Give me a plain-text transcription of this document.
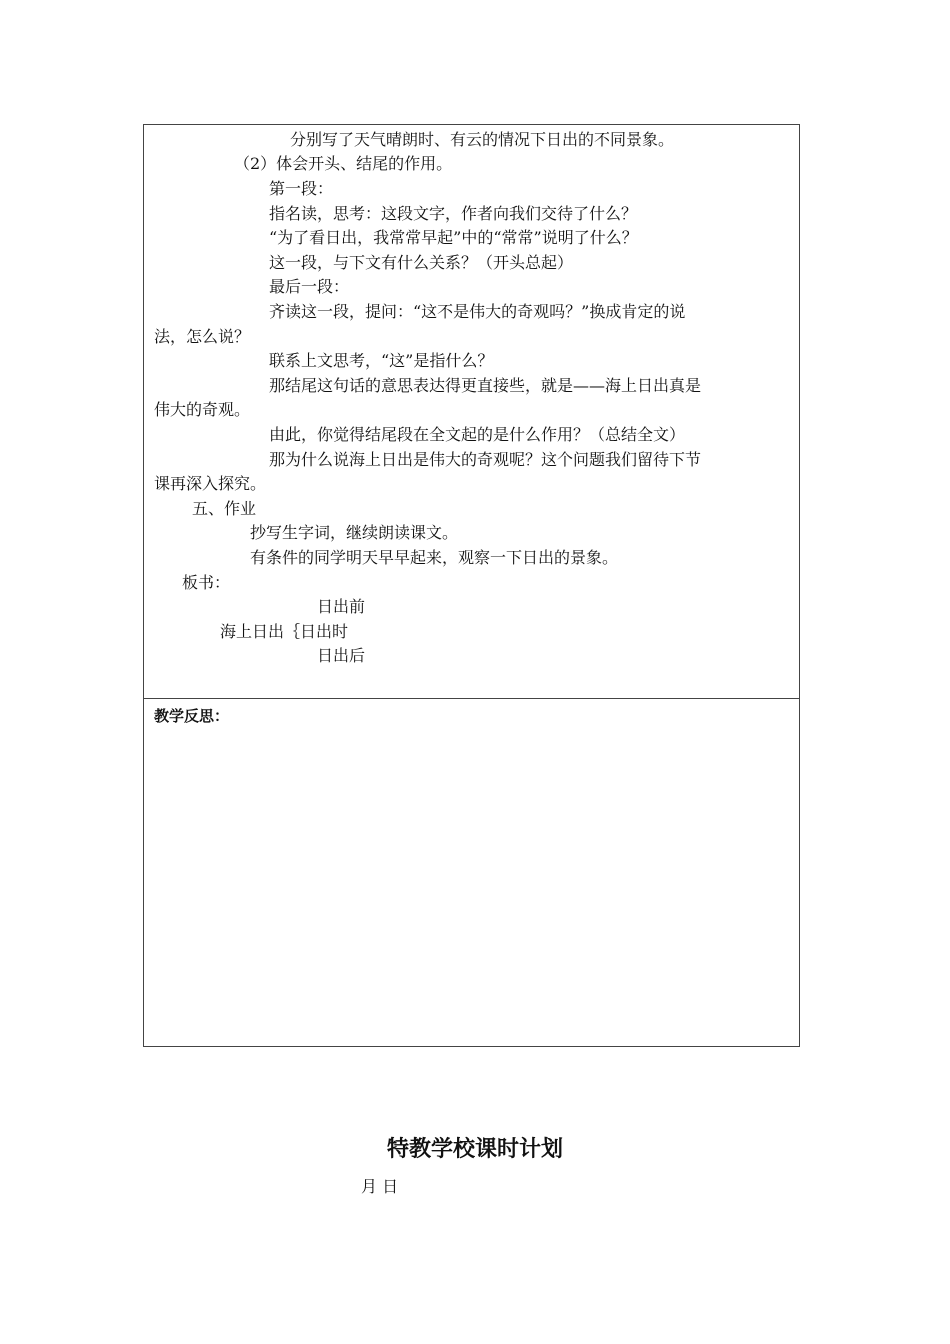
分别写了天气晴朗时、有云的情况下日出的不同景象。
（2）体会开头、结尾的作用。
第一段：
指名读，思考：这段文字，作者向我们交待了什么？
“为了看日出，我常常早起”中的“常常”说明了什么？
这一段，与下文有什么关系？（开头总起）
最后一段：
齐读这一段，提问：“这不是伟大的奇观吗？”换成肯定的说
法，怎么说？
联系上文思考，“这”是指什么？
那结尾这句话的意思表达得更直接些，就是——海上日出真是
伟大的奇观。
由此，你觉得结尾段在全文起的是什么作用？（总结全文）
那为什么说海上日出是伟大的奇观呢？这个问题我们留待下节
课再深入探究。
五、作业
抄写生字词，继续朗读课文。
有条件的同学明天早早起来，观察一下日出的景象。
板书：
日出前
海上日出｛日出时
日出后
教学反思：
特教学校课时计划
月 日
